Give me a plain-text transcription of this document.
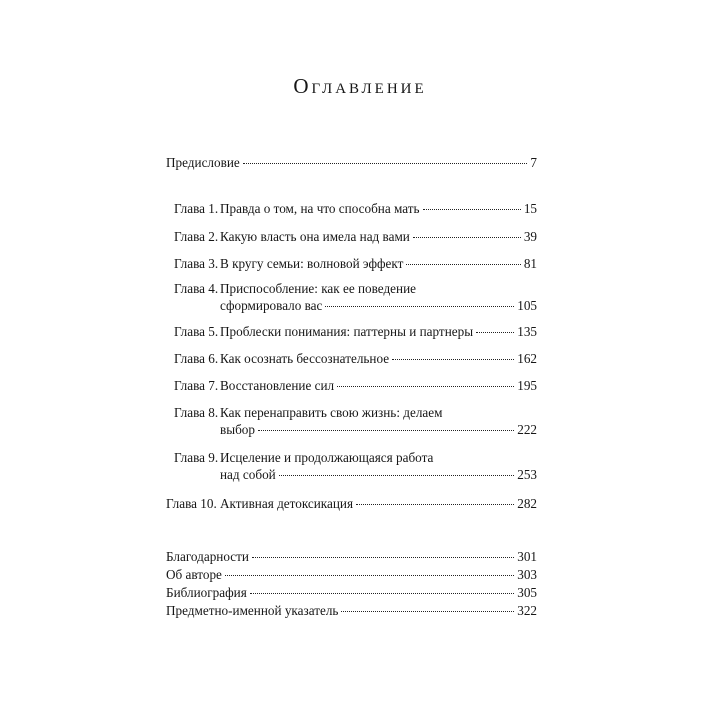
Оглавление
Предисловие	7
Глава 1. Правда о том, на что способна мать	15
Глава 2. Какую власть она имела над вами	39
Глава 3. В кругу семьи: волновой эффект	81
Глава 4. Приспособление: как ее поведение
сформировало вас	105
Глава 5. Проблески понимания: паттерны и партнеры	135
Глава 6. Как осознать бессознательное	162
Глава 7. Восстановление сил	195
Глава 8. Как перенаправить свою жизнь: делаем
выбор	222
Глава 9. Исцеление и продолжающаяся работа
над собой	253
Глава 10. Активная детоксикация	282
Благодарности	301
Об авторе	303
Библиография	305
Предметно-именной указатель	322
